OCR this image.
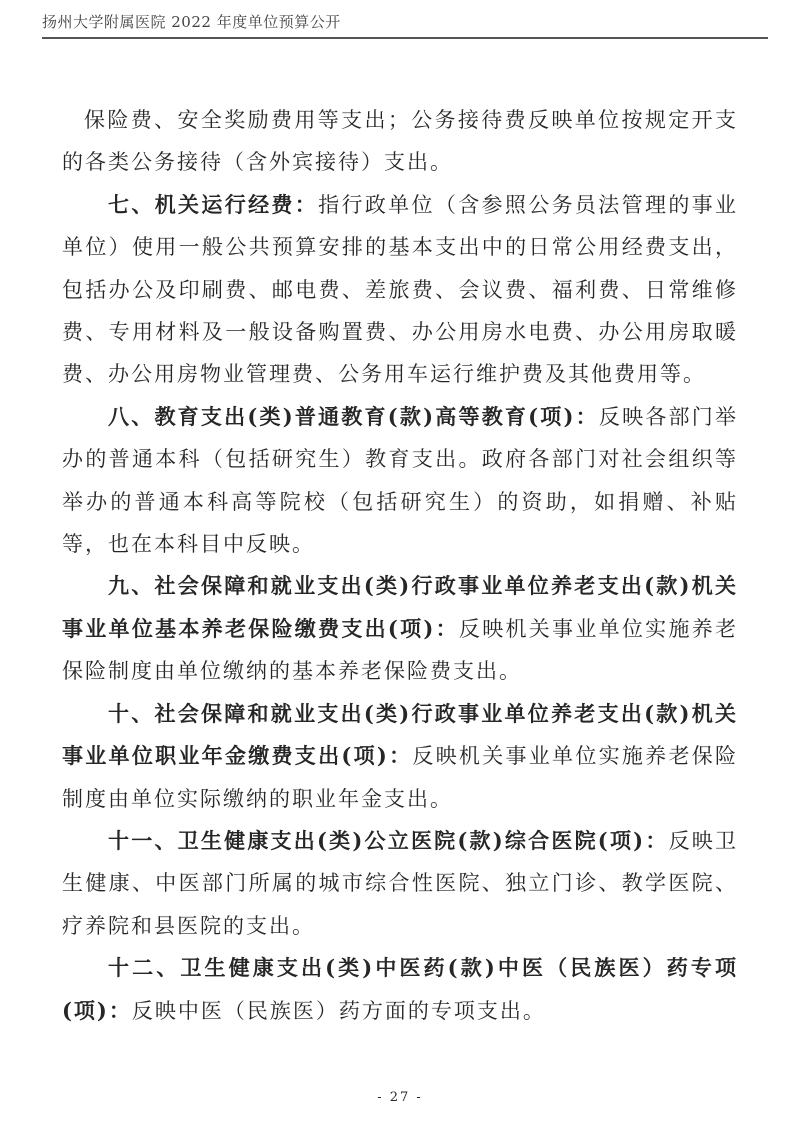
扬州大学附属医院 2022 年度单位预算公开

保险费、安全奖励费用等支出；公务接待费反映单位按规定开支的各类公务接待（含外宾接待）支出。

七、机关运行经费：指行政单位（含参照公务员法管理的事业单位）使用一般公共预算安排的基本支出中的日常公用经费支出，包括办公及印刷费、邮电费、差旅费、会议费、福利费、日常维修费、专用材料及一般设备购置费、办公用房水电费、办公用房取暖费、办公用房物业管理费、公务用车运行维护费及其他费用等。

八、教育支出(类)普通教育(款)高等教育(项)：反映各部门举办的普通本科（包括研究生）教育支出。政府各部门对社会组织等举办的普通本科高等院校（包括研究生）的资助，如捐赠、补贴等，也在本科目中反映。

九、社会保障和就业支出(类)行政事业单位养老支出(款)机关事业单位基本养老保险缴费支出(项)：反映机关事业单位实施养老保险制度由单位缴纳的基本养老保险费支出。

十、社会保障和就业支出(类)行政事业单位养老支出(款)机关事业单位职业年金缴费支出(项)：反映机关事业单位实施养老保险制度由单位实际缴纳的职业年金支出。

十一、卫生健康支出(类)公立医院(款)综合医院(项)：反映卫生健康、中医部门所属的城市综合性医院、独立门诊、教学医院、疗养院和县医院的支出。

十二、卫生健康支出(类)中医药(款)中医（民族医）药专项(项)：反映中医（民族医）药方面的专项支出。

- 27 -
